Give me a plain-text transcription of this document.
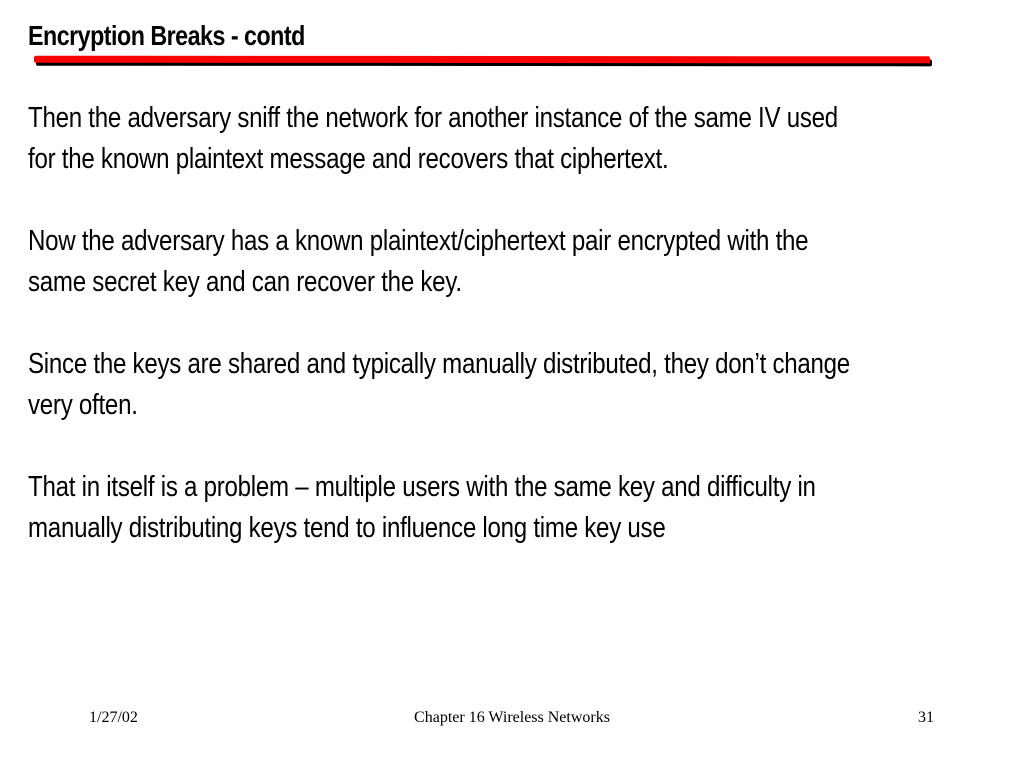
Encryption Breaks - contd

Then the adversary sniff the network for another instance of the same IV used
for the known plaintext message and recovers that ciphertext.

Now the adversary has a known plaintext/ciphertext pair encrypted with the
same secret key and can recover the key.

Since the keys are shared and typically manually distributed, they don’t change
very often.

That in itself is a problem – multiple users with the same key and difficulty in
manually distributing keys tend to influence long time key use

1/27/02	Chapter 16 Wireless Networks	31
